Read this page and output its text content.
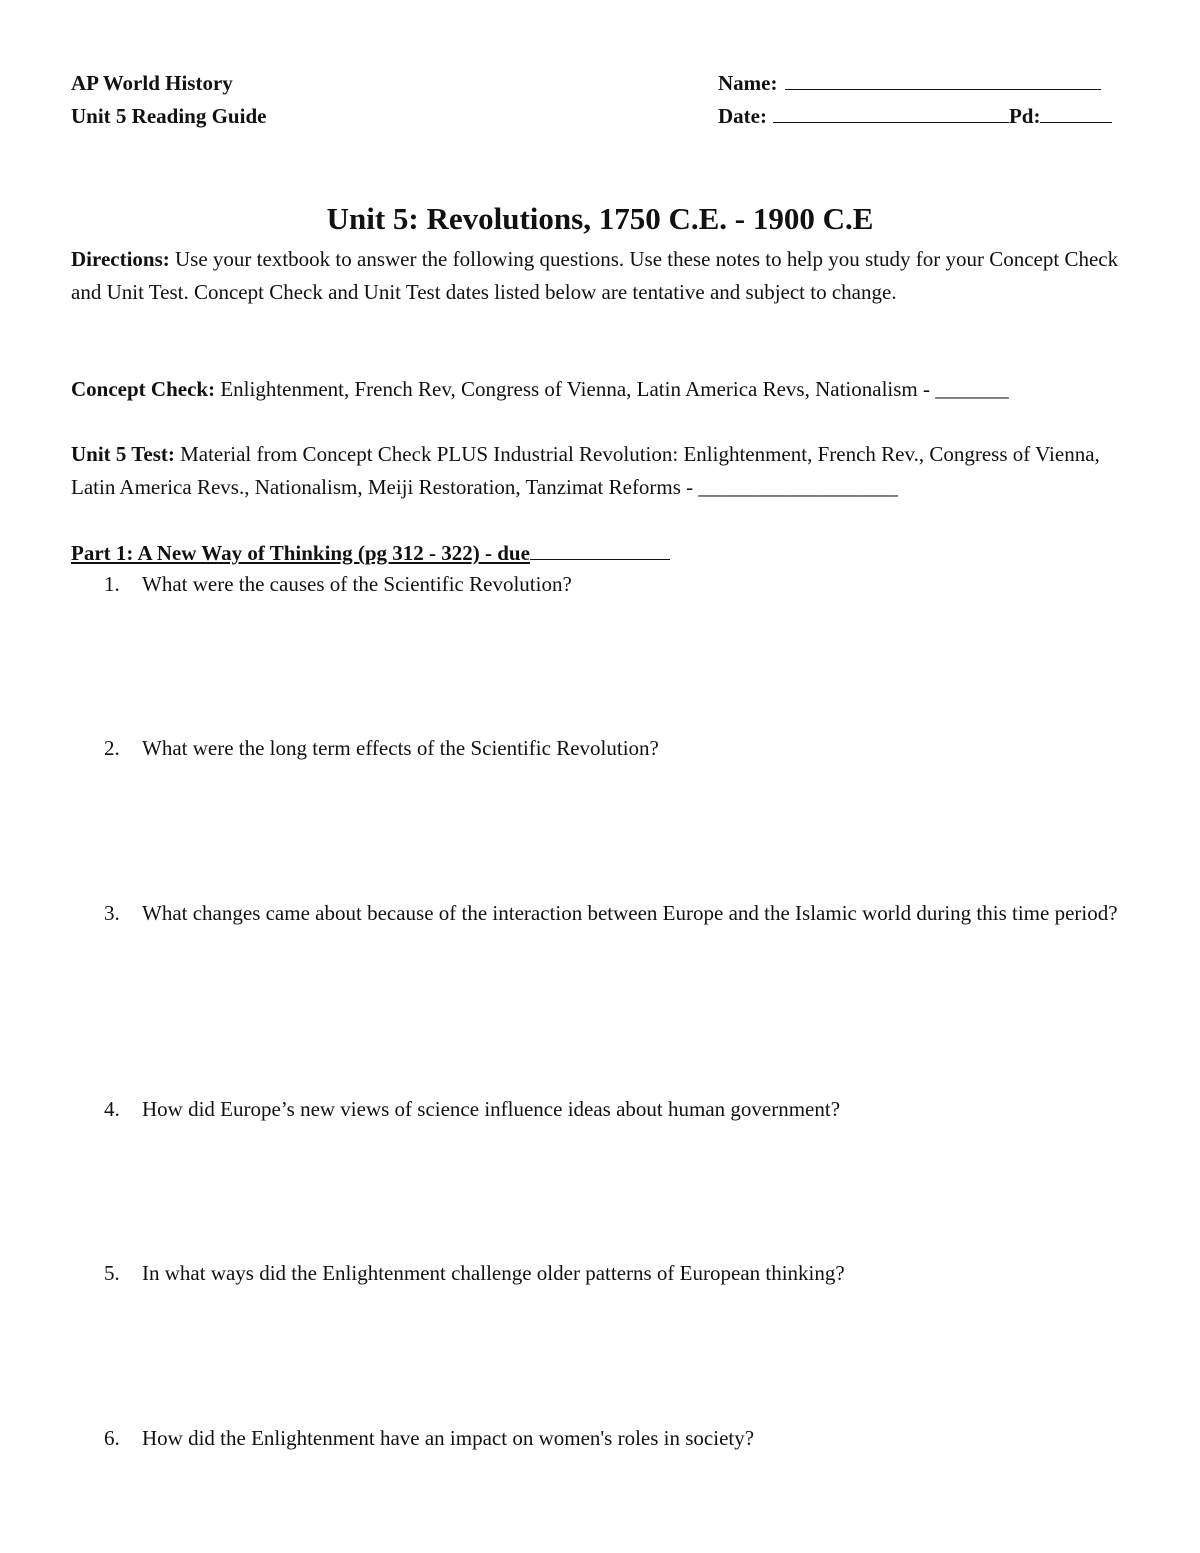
AP World History
Unit 5 Reading Guide
Name:
Date:	Pd:
Unit 5: Revolutions, 1750 C.E. - 1900 C.E
Directions: Use your textbook to answer the following questions. Use these notes to help you study for your Concept Check and Unit Test. Concept Check and Unit Test dates listed below are tentative and subject to change.
Concept Check: Enlightenment, French Rev, Congress of Vienna, Latin America Revs, Nationalism - _______
Unit 5 Test: Material from Concept Check PLUS Industrial Revolution: Enlightenment, French Rev., Congress of Vienna, Latin America Revs., Nationalism, Meiji Restoration, Tanzimat Reforms - ___________________
Part 1: A New Way of Thinking (pg 312 - 322) - due
1.	What were the causes of the Scientific Revolution?
2.	What were the long term effects of the Scientific Revolution?
3.	What changes came about because of the interaction between Europe and the Islamic world during this time period?
4.	How did Europe’s new views of science influence ideas about human government?
5.	In what ways did the Enlightenment challenge older patterns of European thinking?
6.	How did the Enlightenment have an impact on women's roles in society?
